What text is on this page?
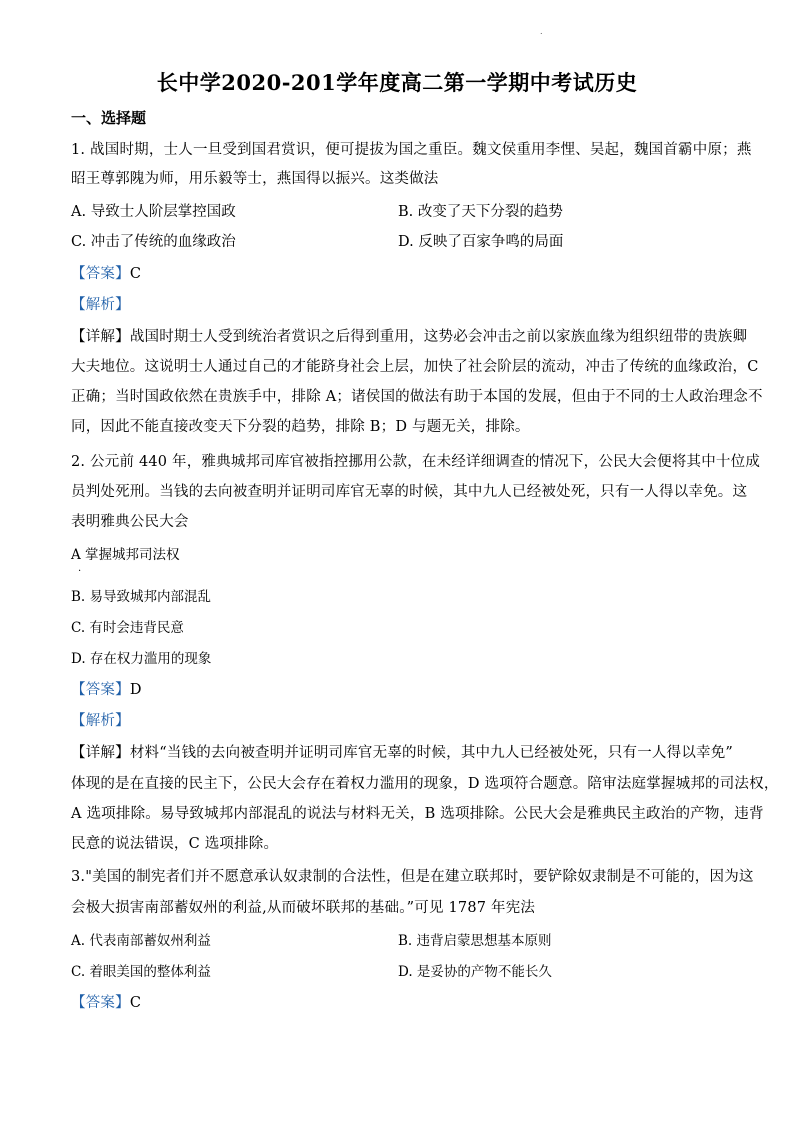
.
长中学2020-201学年度高二第一学期中考试历史
一、选择题
1. 战国时期，士人一旦受到国君赏识，便可提拔为国之重臣。魏文侯重用李悝、吴起，魏国首霸中原；燕
昭王尊郭隗为师，用乐毅等士，燕国得以振兴。这类做法
A. 导致士人阶层掌控国政	B. 改变了天下分裂的趋势
C. 冲击了传统的血缘政治	D. 反映了百家争鸣的局面
【答案】C
【解析】
【详解】战国时期士人受到统治者赏识之后得到重用，这势必会冲击之前以家族血缘为组织纽带的贵族卿
大夫地位。这说明士人通过自己的才能跻身社会上层，加快了社会阶层的流动，冲击了传统的血缘政治，C
正确；当时国政依然在贵族手中，排除 A；诸侯国的做法有助于本国的发展，但由于不同的士人政治理念不
同，因此不能直接改变天下分裂的趋势，排除 B；D 与题无关，排除。
2. 公元前 440 年，雅典城邦司库官被指控挪用公款，在未经详细调查的情况下，公民大会便将其中十位成
员判处死刑。当钱的去向被查明并证明司库官无辜的时候，其中九人已经被处死，只有一人得以幸免。这
表明雅典公民大会
A 掌握城邦司法权
.
B. 易导致城邦内部混乱
C. 有时会违背民意
D. 存在权力滥用的现象
【答案】D
【解析】
【详解】材料“当钱的去向被查明并证明司库官无辜的时候，其中九人已经被处死，只有一人得以幸免”
体现的是在直接的民主下，公民大会存在着权力滥用的现象，D 选项符合题意。陪审法庭掌握城邦的司法权，
A 选项排除。易导致城邦内部混乱的说法与材料无关，B 选项排除。公民大会是雅典民主政治的产物，违背
民意的说法错误，C 选项排除。
3."美国的制宪者们并不愿意承认奴隶制的合法性，但是在建立联邦时，要铲除奴隶制是不可能的，因为这
会极大损害南部蓄奴州的利益,从而破坏联邦的基础。”可见 1787 年宪法
A. 代表南部蓄奴州利益	B. 违背启蒙思想基本原则
C. 着眼美国的整体利益	D. 是妥协的产物不能长久
【答案】C
